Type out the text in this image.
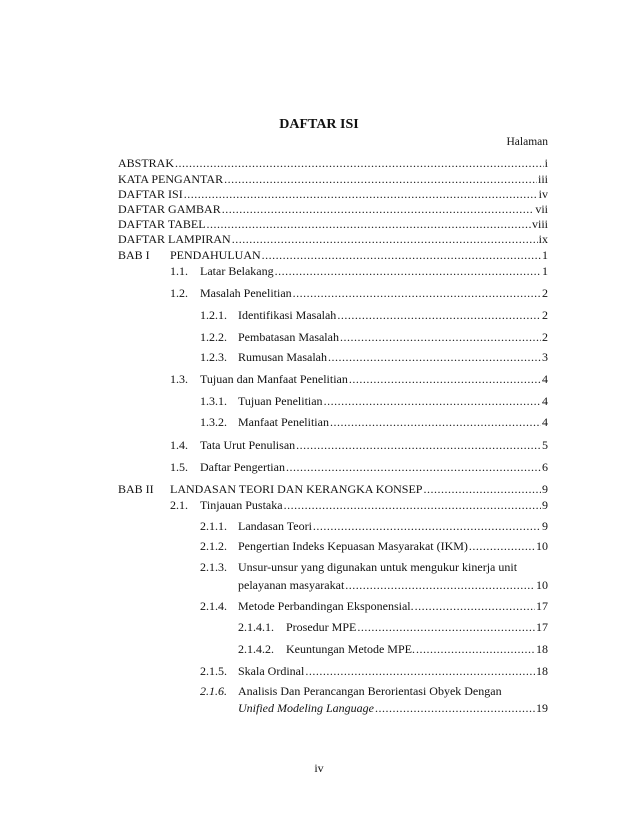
DAFTAR ISI
Halaman
ABSTRAK .....	i
KATA PENGANTAR .....	iii
DAFTAR ISI .....	iv
DAFTAR GAMBAR .....	vii
DAFTAR TABEL .....	viii
DAFTAR LAMPIRAN .....	ix
BAB I	PENDAHULUAN .....	1
1.1.	Latar Belakang .....	1
1.2.	Masalah Penelitian .....	2
1.2.1. Identifikasi Masalah .....	2
1.2.2. Pembatasan Masalah .....	2
1.2.3. Rumusan Masalah .....	3
1.3.	Tujuan dan Manfaat Penelitian .....	4
1.3.1. Tujuan Penelitian .....	4
1.3.2. Manfaat Penelitian .....	4
1.4.	Tata Urut Penulisan .....	5
1.5.	Daftar Pengertian .....	6
BAB II	LANDASAN TEORI DAN KERANGKA KONSEP .....	9
2.1.	Tinjauan Pustaka .....	9
2.1.1. Landasan Teori .....	9
2.1.2. Pengertian Indeks Kepuasan Masyarakat (IKM) .....	10
2.1.3. Unsur-unsur yang digunakan untuk mengukur kinerja unit
pelayanan masyarakat .....	10
2.1.4. Metode Perbandingan Eksponensial. .....	17
2.1.4.1.	Prosedur MPE .....	17
2.1.4.2.	Keuntungan Metode MPE. .....	18
2.1.5. Skala Ordinal .....	18
iv
2.1.6. Analisis Dan Perancangan Berorientasi Obyek Dengan
Unified Modeling Language .....	19
